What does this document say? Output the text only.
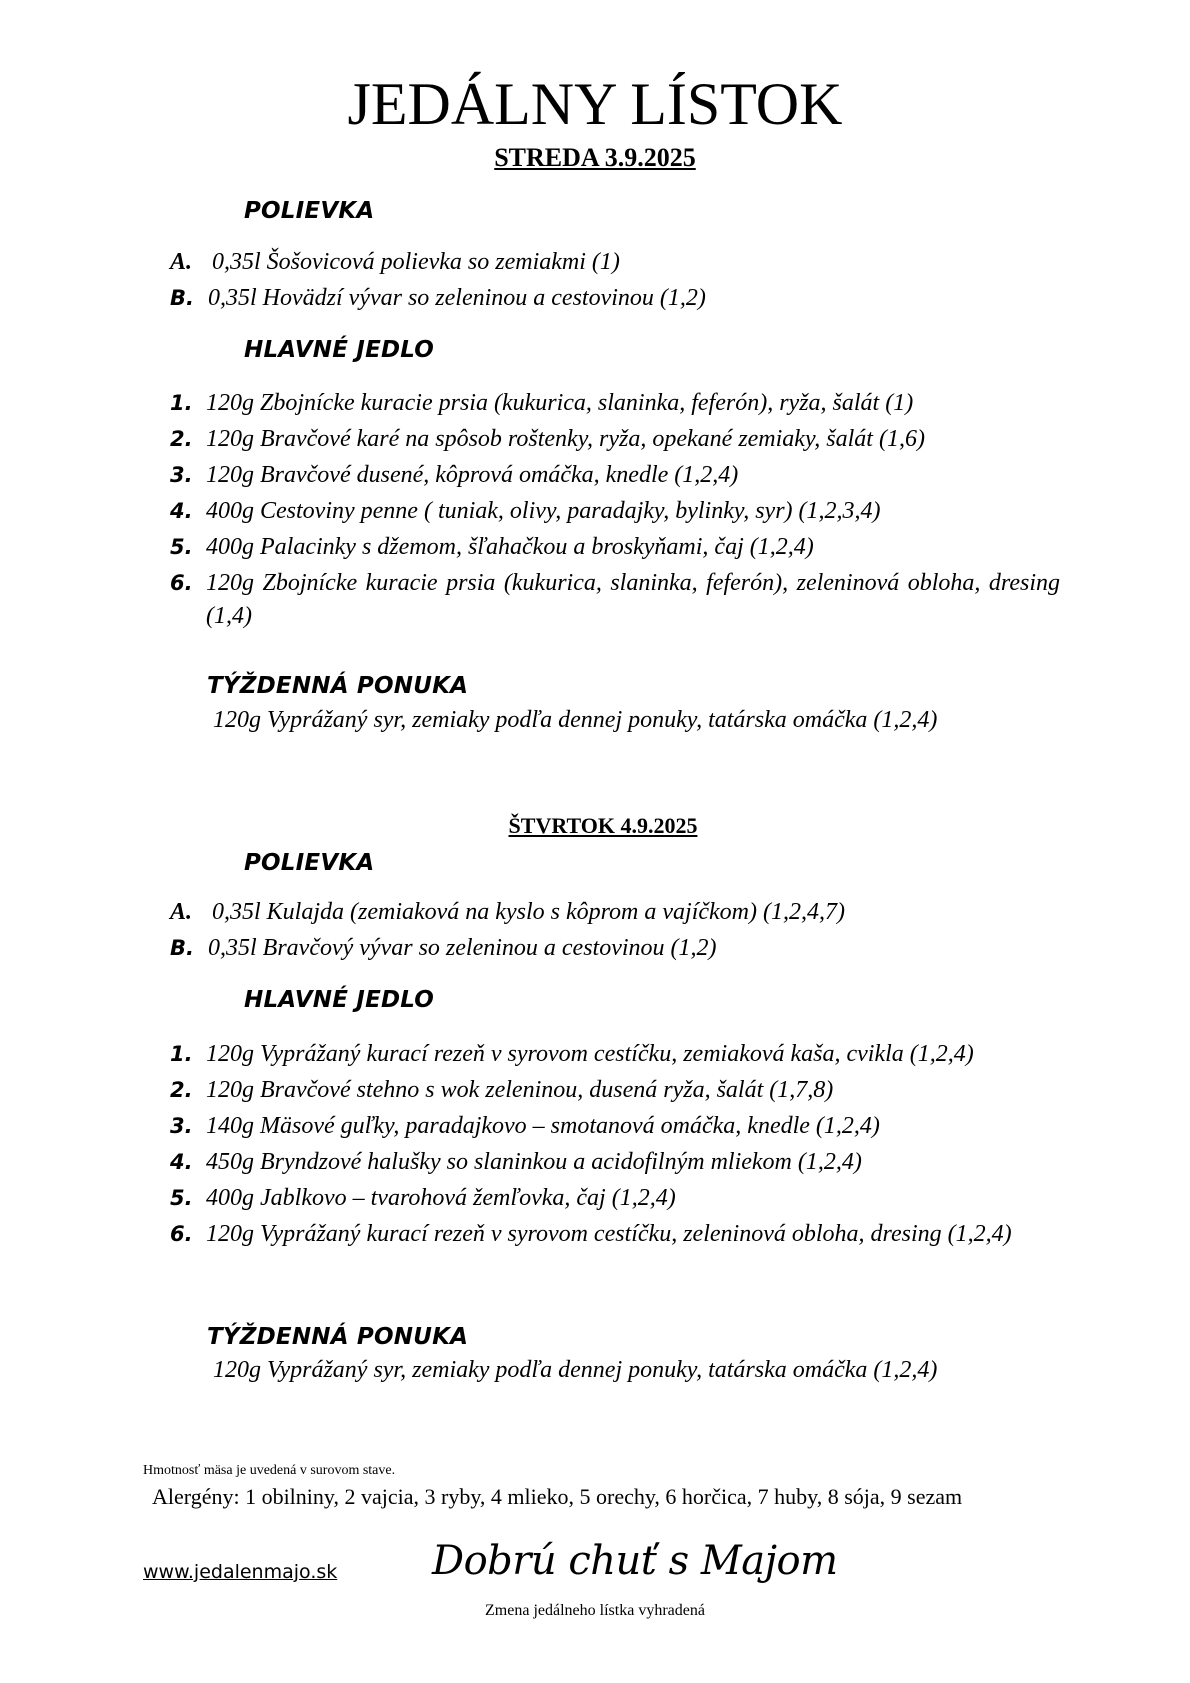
JEDÁLNY LÍSTOK
STREDA 3.9.2025
POLIEVKA
A. 0,35l Šošovicová polievka so zemiakmi (1)
B. 0,35l Hovädzí vývar so zeleninou a cestovinou (1,2)
HLAVNÉ JEDLO
1. 120g Zbojnícke kuracie prsia (kukurica, slaninka, feferón), ryža, šalát (1)
2. 120g Bravčové karé na spôsob roštenky, ryža, opekané zemiaky, šalát (1,6)
3. 120g Bravčové dusené, kôprová omáčka, knedle (1,2,4)
4. 400g Cestoviny penne ( tuniak, olivy, paradajky, bylinky, syr) (1,2,3,4)
5. 400g Palacinky s džemom, šľahačkou a broskyňami, čaj (1,2,4)
6. 120g Zbojnícke kuracie prsia (kukurica, slaninka, feferón), zeleninová obloha, dresing (1,4)
TÝŽDENNÁ PONUKA
120g Vyprážaný syr, zemiaky podľa dennej ponuky, tatárska omáčka (1,2,4)
ŠTVRTOK 4.9.2025
POLIEVKA
A. 0,35l Kulajda (zemiaková na kyslo s kôprom a vajíčkom) (1,2,4,7)
B. 0,35l Bravčový vývar so zeleninou a cestovinou (1,2)
HLAVNÉ JEDLO
1. 120g Vyprážaný kurací rezeň v syrovom cestíčku, zemiaková kaša, cvikla (1,2,4)
2. 120g Bravčové stehno s wok zeleninou, dusená ryža, šalát (1,7,8)
3. 140g Mäsové guľky, paradajkovo – smotanová omáčka, knedle (1,2,4)
4. 450g Bryndzové halušky so slaninkou a acidofilným mliekom (1,2,4)
5. 400g Jablkovo – tvarohová žemľovka, čaj (1,2,4)
6. 120g Vyprážaný kurací rezeň v syrovom cestíčku, zeleninová obloha, dresing (1,2,4)
TÝŽDENNÁ PONUKA
120g Vyprážaný syr, zemiaky podľa dennej ponuky, tatárska omáčka (1,2,4)
Hmotnosť mäsa je uvedená v surovom stave.
Alergény: 1 obilniny, 2 vajcia, 3 ryby, 4 mlieko, 5 orechy, 6 horčica, 7 huby, 8 sója, 9 sezam
www.jedalenmajo.sk Dobrú chuť s Majom
Zmena jedálneho lístka vyhradená
